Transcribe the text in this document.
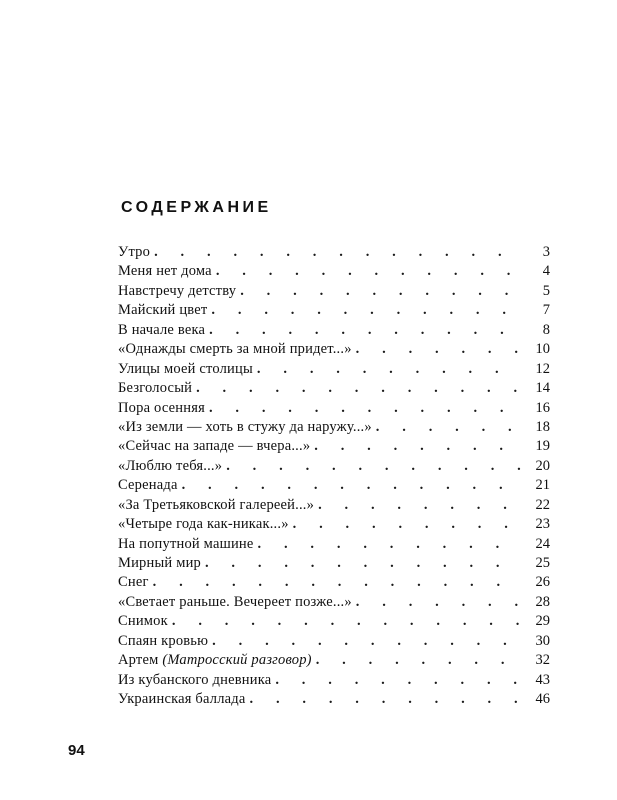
СОДЕРЖАНИЕ
Утро . . .	3
Меня нет дома . . .	4
Навстречу детству . . .	5
Майский цвет . . .	7
В начале века . . .	8
«Однажды смерть за мной придет...» . . .	10
Улицы моей столицы . . .	12
Безголосый . . .	14
Пора осенняя . . .	16
«Из земли — хоть в стужу да наружу...» . . .	18
«Сейчас на западе — вчера...» . . .	19
«Люблю тебя...» . . .	20
Серенада . . .	21
«За Третьяковской галереей...» . . .	22
«Четыре года как-никак...» . . .	23
На попутной машине . . .	24
Мирный мир . . .	25
Снег . . .	26
«Светает раньше. Вечереет позже...» . . .	28
Снимок . . .	29
Спаян кровью . . .	30
Артем (Матросский разговор) . . .	32
Из кубанского дневника . . .	43
Украинская баллада . . .	46

94
